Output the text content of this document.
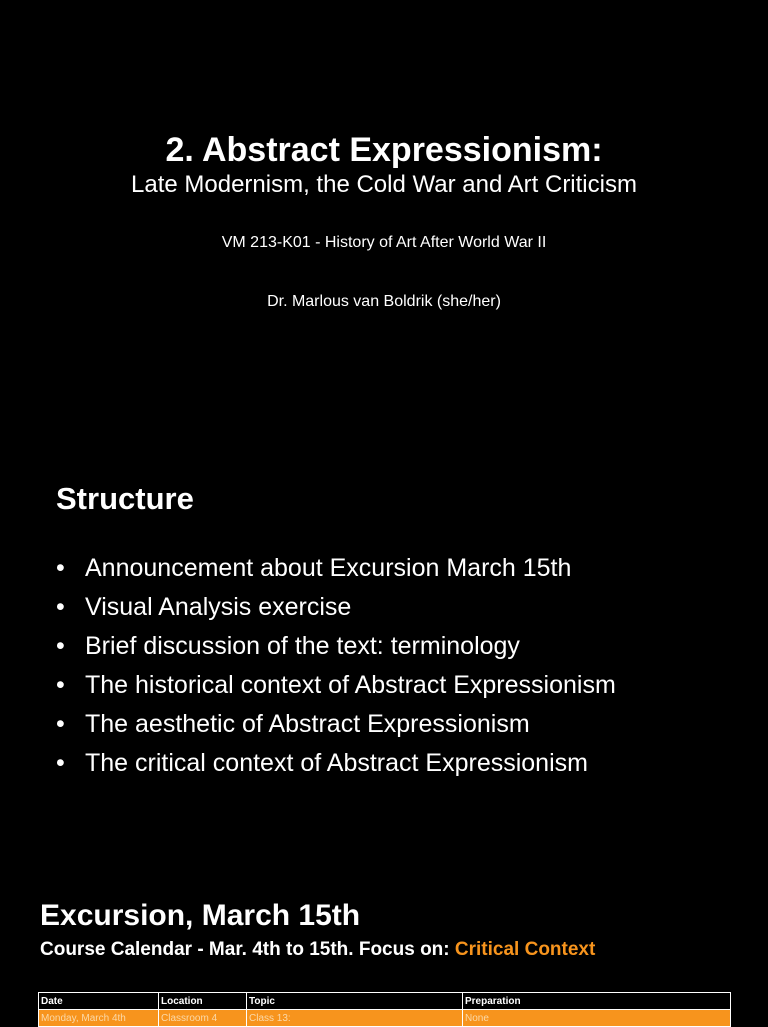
2. Abstract Expressionism:

Late Modernism, the Cold War and Art Criticism

VM 213-K01 - History of Art After World War II

Dr. Marlous van Boldrik (she/her)

Structure
• Announcement about Excursion March 15th
• Visual Analysis exercise
• Brief discussion of the text: terminology
• The historical context of Abstract Expressionism
• The aesthetic of Abstract Expressionism
• The critical context of Abstract Expressionism
Excursion, March 15th

Course Calendar - Mar. 4th to 15th. Focus on: Critical Context

Date	Location	Topic	Preparation
Monday, March 4th	Classroom 4	Class 13:	None
